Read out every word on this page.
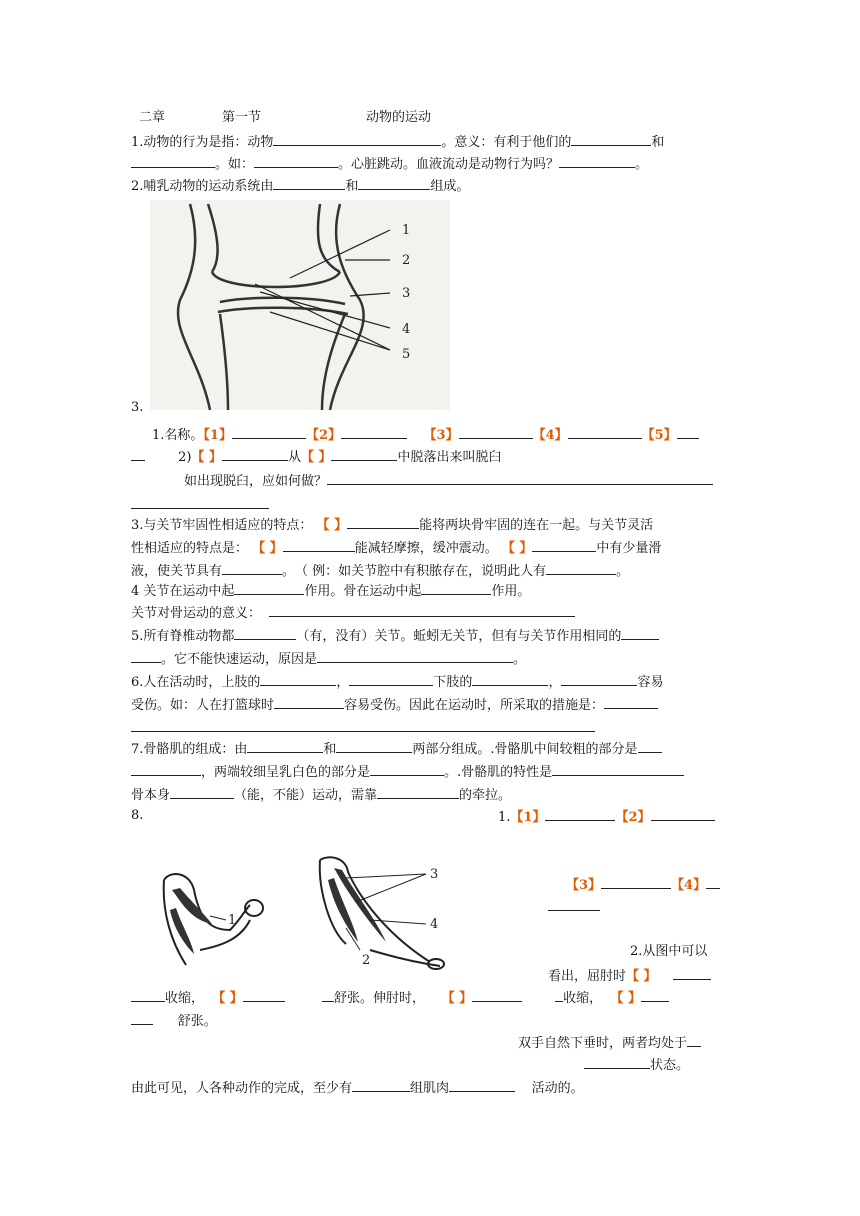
二章	第一节	动物的运动
1.动物的行为是指：动物	。意义：有利于他们的	和
。如：	。心脏跳动。血液流动是动物行为吗？	。
2.哺乳动物的运动系统由	和	组成。
1
2
3
4
5
3.
1.名称。【1】	【2】	【3】	【4】	【5】
2)【 】	从【 】	中脱落出来叫脱臼
如出现脱臼，应如何做？
3.与关节牢固性相适应的特点： 【 】	能将两块骨牢固的连在一起。与关节灵活
性相适应的特点是： 【 】	能减轻摩擦，缓冲震动。 【 】	中有少量滑
液，使关节具有	。　（ 例：如关节腔中有积脓存在，说明此人有	。
4 关节在运动中起	作用。骨在运动中起	作用。
关节对骨运动的意义：
5.所有脊椎动物都	（有，没有）关节。蚯蚓无关节，但有与关节作用相同的
。它不能快速运动，原因是	。
6.人在活动时，上肢的	，	下肢的	，	容易
受伤。如：人在打篮球时	容易受伤。因此在运动时，所采取的措施是：
7.骨骼肌的组成：由	和	两部分组成。.骨骼肌中间较粗的部分是
，两端较细呈乳白色的部分是	。.骨骼肌的特性是
骨本身	（能，不能）运动，需靠	的牵拉。
8.	1.【1】	【2】
【3】	【4】
1
2
3
4
2.从图中可以
看出，屈肘时【 】
收缩， 【 】	舒张。伸肘时， 【 】	收缩， 【 】
舒张。
双手自然下垂时，两者均处于
状态。
由此可见，人各种动作的完成，至少有	组肌肉	活动的。
